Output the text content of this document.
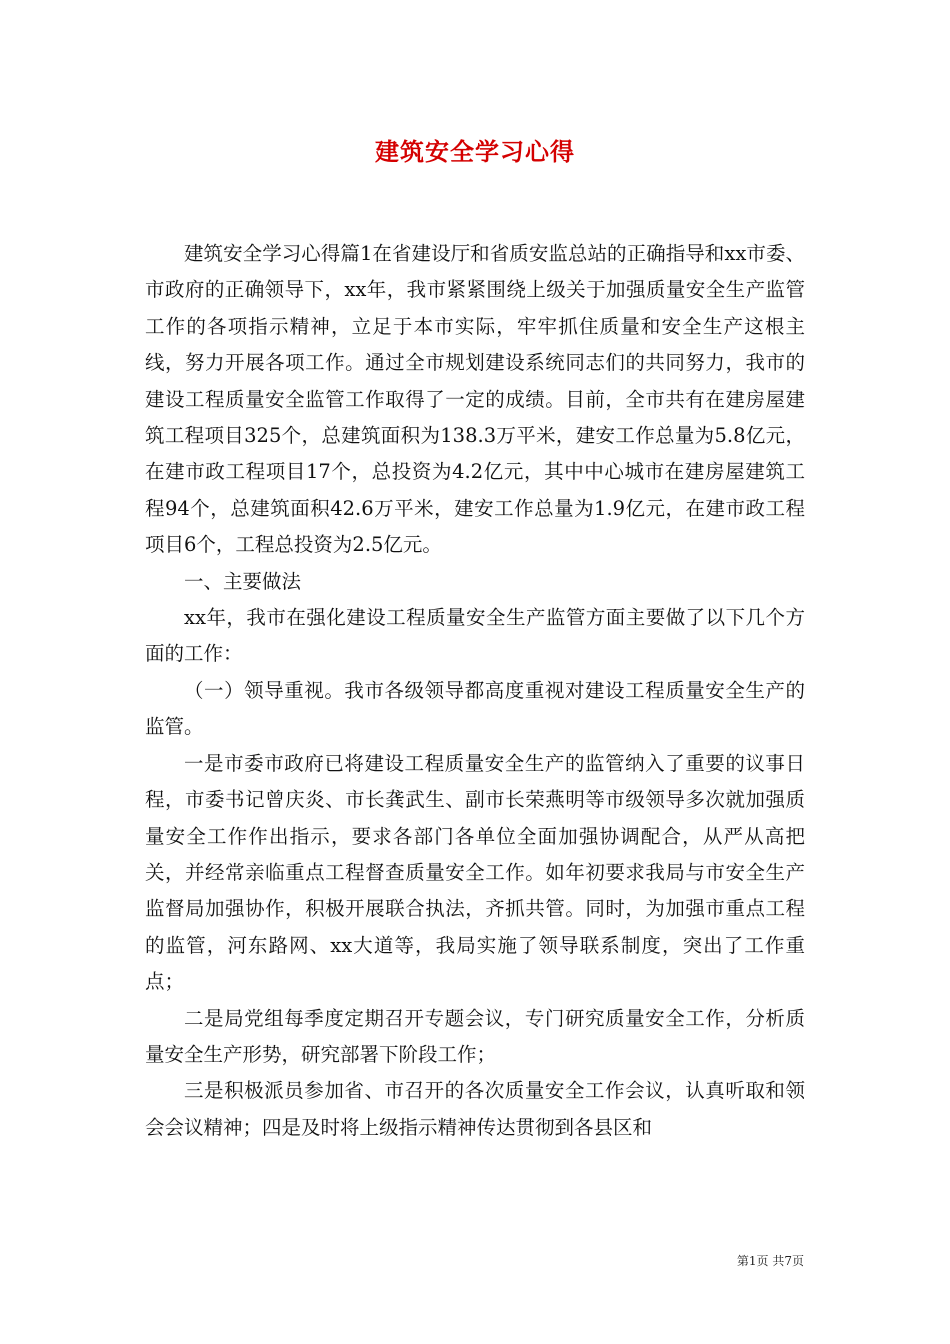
建筑安全学习心得

建筑安全学习心得篇1在省建设厅和省质安监总站的正确指导和xx市委、市政府的正确领导下，xx年，我市紧紧围绕上级关于加强质量安全生产监管工作的各项指示精神，立足于本市实际，牢牢抓住质量和安全生产这根主线，努力开展各项工作。通过全市规划建设系统同志们的共同努力，我市的建设工程质量安全监管工作取得了一定的成绩。目前，全市共有在建房屋建筑工程项目325个，总建筑面积为138.3万平米，建安工作总量为5.8亿元，在建市政工程项目17个，总投资为4.2亿元，其中中心城市在建房屋建筑工程94个，总建筑面积42.6万平米，建安工作总量为1.9亿元，在建市政工程项目6个，工程总投资为2.5亿元。

一、主要做法

xx年，我市在强化建设工程质量安全生产监管方面主要做了以下几个方面的工作：

（一）领导重视。我市各级领导都高度重视对建设工程质量安全生产的监管。

一是市委市政府已将建设工程质量安全生产的监管纳入了重要的议事日程，市委书记曾庆炎、市长龚武生、副市长荣燕明等市级领导多次就加强质量安全工作作出指示，要求各部门各单位全面加强协调配合，从严从高把关，并经常亲临重点工程督查质量安全工作。如年初要求我局与市安全生产监督局加强协作，积极开展联合执法，齐抓共管。同时，为加强市重点工程的监管，河东路网、xx大道等，我局实施了领导联系制度，突出了工作重点；

二是局党组每季度定期召开专题会议，专门研究质量安全工作，分析质量安全生产形势，研究部署下阶段工作；

三是积极派员参加省、市召开的各次质量安全工作会议，认真听取和领会会议精神；四是及时将上级指示精神传达贯彻到各县区和

第1页 共7页
